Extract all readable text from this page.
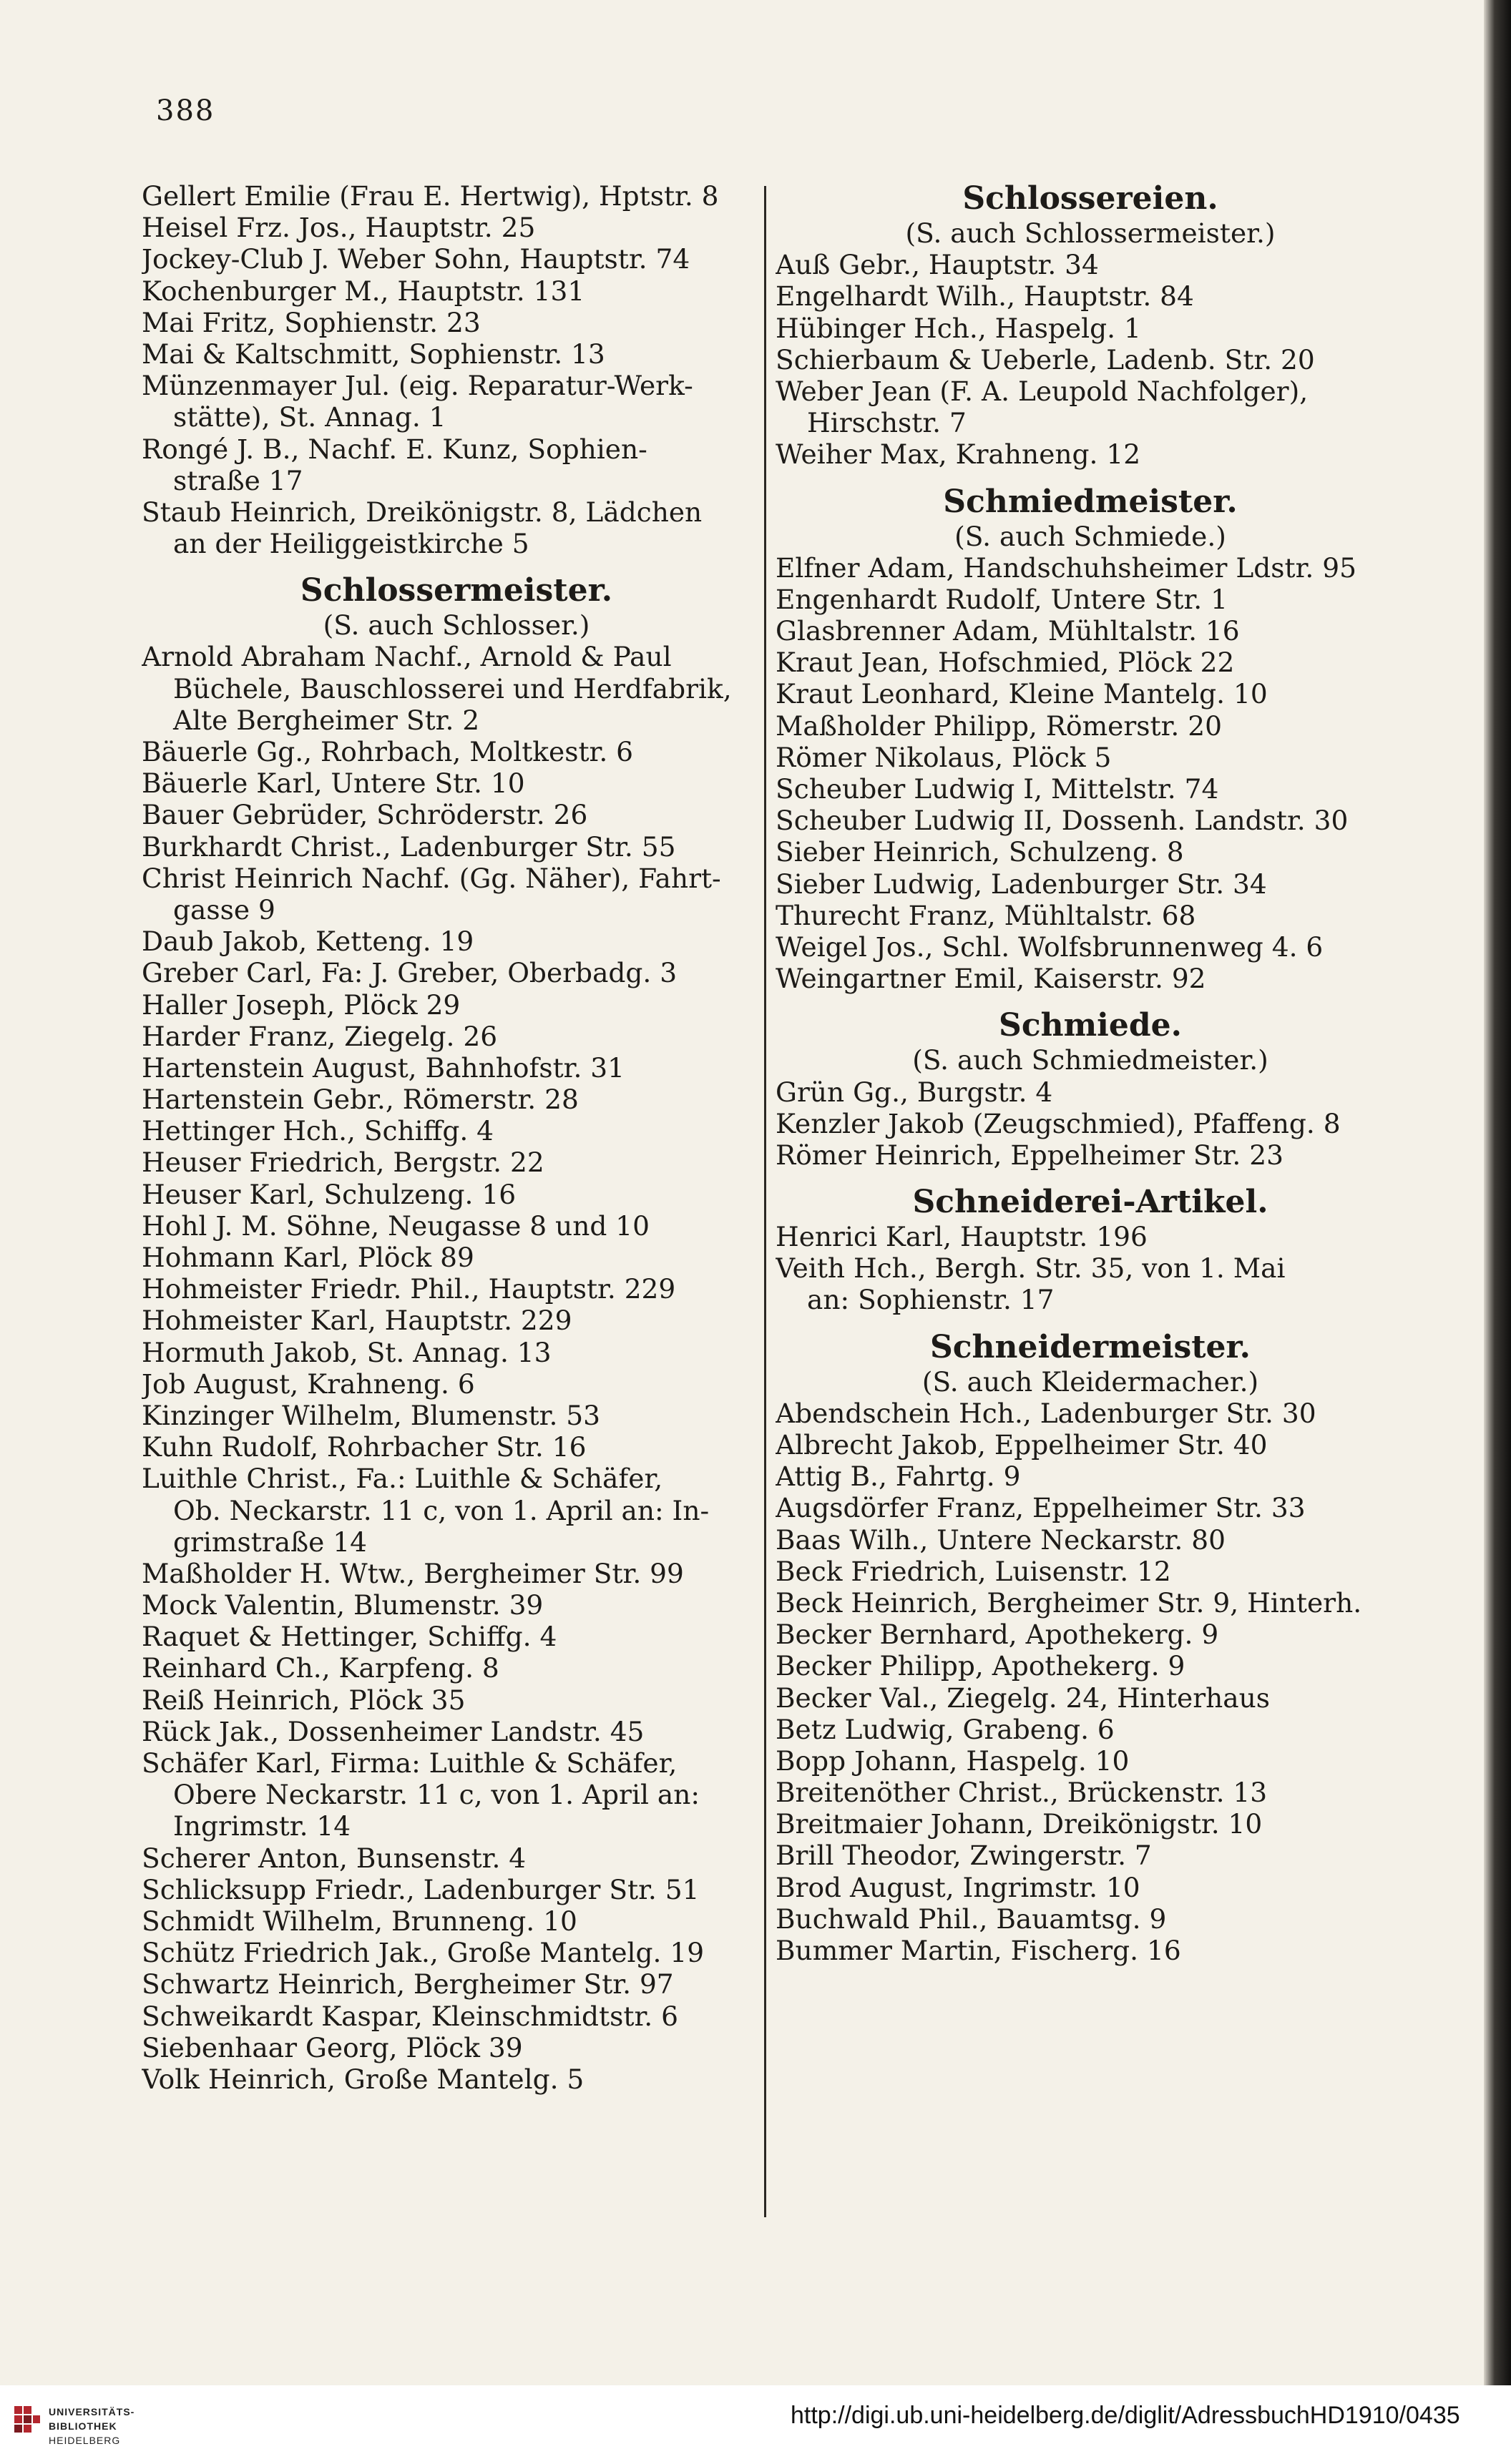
388
Gellert Emilie (Frau E. Hertwig), Hptstr. 8
Heisel Frz. Jos., Hauptstr. 25
Jockey-Club J. Weber Sohn, Hauptstr. 74
Kochenburger M., Hauptstr. 131
Mai Fritz, Sophienstr. 23
Mai & Kaltschmitt, Sophienstr. 13
Münzenmayer Jul. (eig. Reparatur-Werk-
stätte), St. Annag. 1
Rongé J. B., Nachf. E. Kunz, Sophien-
straße 17
Staub Heinrich, Dreikönigstr. 8, Lädchen
an der Heiliggeistkirche 5
Schlossermeister.
(S. auch Schlosser.)
Arnold Abraham Nachf., Arnold & Paul
Büchele, Bauschlosserei und Herdfabrik,
Alte Bergheimer Str. 2
Bäuerle Gg., Rohrbach, Moltkestr. 6
Bäuerle Karl, Untere Str. 10
Bauer Gebrüder, Schröderstr. 26
Burkhardt Christ., Ladenburger Str. 55
Christ Heinrich Nachf. (Gg. Näher), Fahrt-
gasse 9
Daub Jakob, Ketteng. 19
Greber Carl, Fa: J. Greber, Oberbadg. 3
Haller Joseph, Plöck 29
Harder Franz, Ziegelg. 26
Hartenstein August, Bahnhofstr. 31
Hartenstein Gebr., Römerstr. 28
Hettinger Hch., Schiffg. 4
Heuser Friedrich, Bergstr. 22
Heuser Karl, Schulzeng. 16
Hohl J. M. Söhne, Neugasse 8 und 10
Hohmann Karl, Plöck 89
Hohmeister Friedr. Phil., Hauptstr. 229
Hohmeister Karl, Hauptstr. 229
Hormuth Jakob, St. Annag. 13
Job August, Krahneng. 6
Kinzinger Wilhelm, Blumenstr. 53
Kuhn Rudolf, Rohrbacher Str. 16
Luithle Christ., Fa.: Luithle & Schäfer,
Ob. Neckarstr. 11 c, von 1. April an: In-
grimstraße 14
Maßholder H. Wtw., Bergheimer Str. 99
Mock Valentin, Blumenstr. 39
Raquet & Hettinger, Schiffg. 4
Reinhard Ch., Karpfeng. 8
Reiß Heinrich, Plöck 35
Rück Jak., Dossenheimer Landstr. 45
Schäfer Karl, Firma: Luithle & Schäfer,
Obere Neckarstr. 11 c, von 1. April an:
Ingrimstr. 14
Scherer Anton, Bunsenstr. 4
Schlicksupp Friedr., Ladenburger Str. 51
Schmidt Wilhelm, Brunneng. 10
Schütz Friedrich Jak., Große Mantelg. 19
Schwartz Heinrich, Bergheimer Str. 97
Schweikardt Kaspar, Kleinschmidtstr. 6
Siebenhaar Georg, Plöck 39
Volk Heinrich, Große Mantelg. 5
Schlossereien.
(S. auch Schlossermeister.)
Auß Gebr., Hauptstr. 34
Engelhardt Wilh., Hauptstr. 84
Hübinger Hch., Haspelg. 1
Schierbaum & Ueberle, Ladenb. Str. 20
Weber Jean (F. A. Leupold Nachfolger),
Hirschstr. 7
Weiher Max, Krahneng. 12
Schmiedmeister.
(S. auch Schmiede.)
Elfner Adam, Handschuhsheimer Ldstr. 95
Engenhardt Rudolf, Untere Str. 1
Glasbrenner Adam, Mühltalstr. 16
Kraut Jean, Hofschmied, Plöck 22
Kraut Leonhard, Kleine Mantelg. 10
Maßholder Philipp, Römerstr. 20
Römer Nikolaus, Plöck 5
Scheuber Ludwig I, Mittelstr. 74
Scheuber Ludwig II, Dossenh. Landstr. 30
Sieber Heinrich, Schulzeng. 8
Sieber Ludwig, Ladenburger Str. 34
Thurecht Franz, Mühltalstr. 68
Weigel Jos., Schl. Wolfsbrunnenweg 4. 6
Weingartner Emil, Kaiserstr. 92
Schmiede.
(S. auch Schmiedmeister.)
Grün Gg., Burgstr. 4
Kenzler Jakob (Zeugschmied), Pfaffeng. 8
Römer Heinrich, Eppelheimer Str. 23
Schneiderei-Artikel.
Henrici Karl, Hauptstr. 196
Veith Hch., Bergh. Str. 35, von 1. Mai
an: Sophienstr. 17
Schneidermeister.
(S. auch Kleidermacher.)
Abendschein Hch., Ladenburger Str. 30
Albrecht Jakob, Eppelheimer Str. 40
Attig B., Fahrtg. 9
Augsdörfer Franz, Eppelheimer Str. 33
Baas Wilh., Untere Neckarstr. 80
Beck Friedrich, Luisenstr. 12
Beck Heinrich, Bergheimer Str. 9, Hinterh.
Becker Bernhard, Apothekerg. 9
Becker Philipp, Apothekerg. 9
Becker Val., Ziegelg. 24, Hinterhaus
Betz Ludwig, Grabeng. 6
Bopp Johann, Haspelg. 10
Breitenöther Christ., Brückenstr. 13
Breitmaier Johann, Dreikönigstr. 10
Brill Theodor, Zwingerstr. 7
Brod August, Ingrimstr. 10
Buchwald Phil., Bauamtsg. 9
Bummer Martin, Fischerg. 16
UNIVERSITÄTS-
BIBLIOTHEK
HEIDELBERG
http://digi.ub.uni-heidelberg.de/diglit/AdressbuchHD1910/0435
